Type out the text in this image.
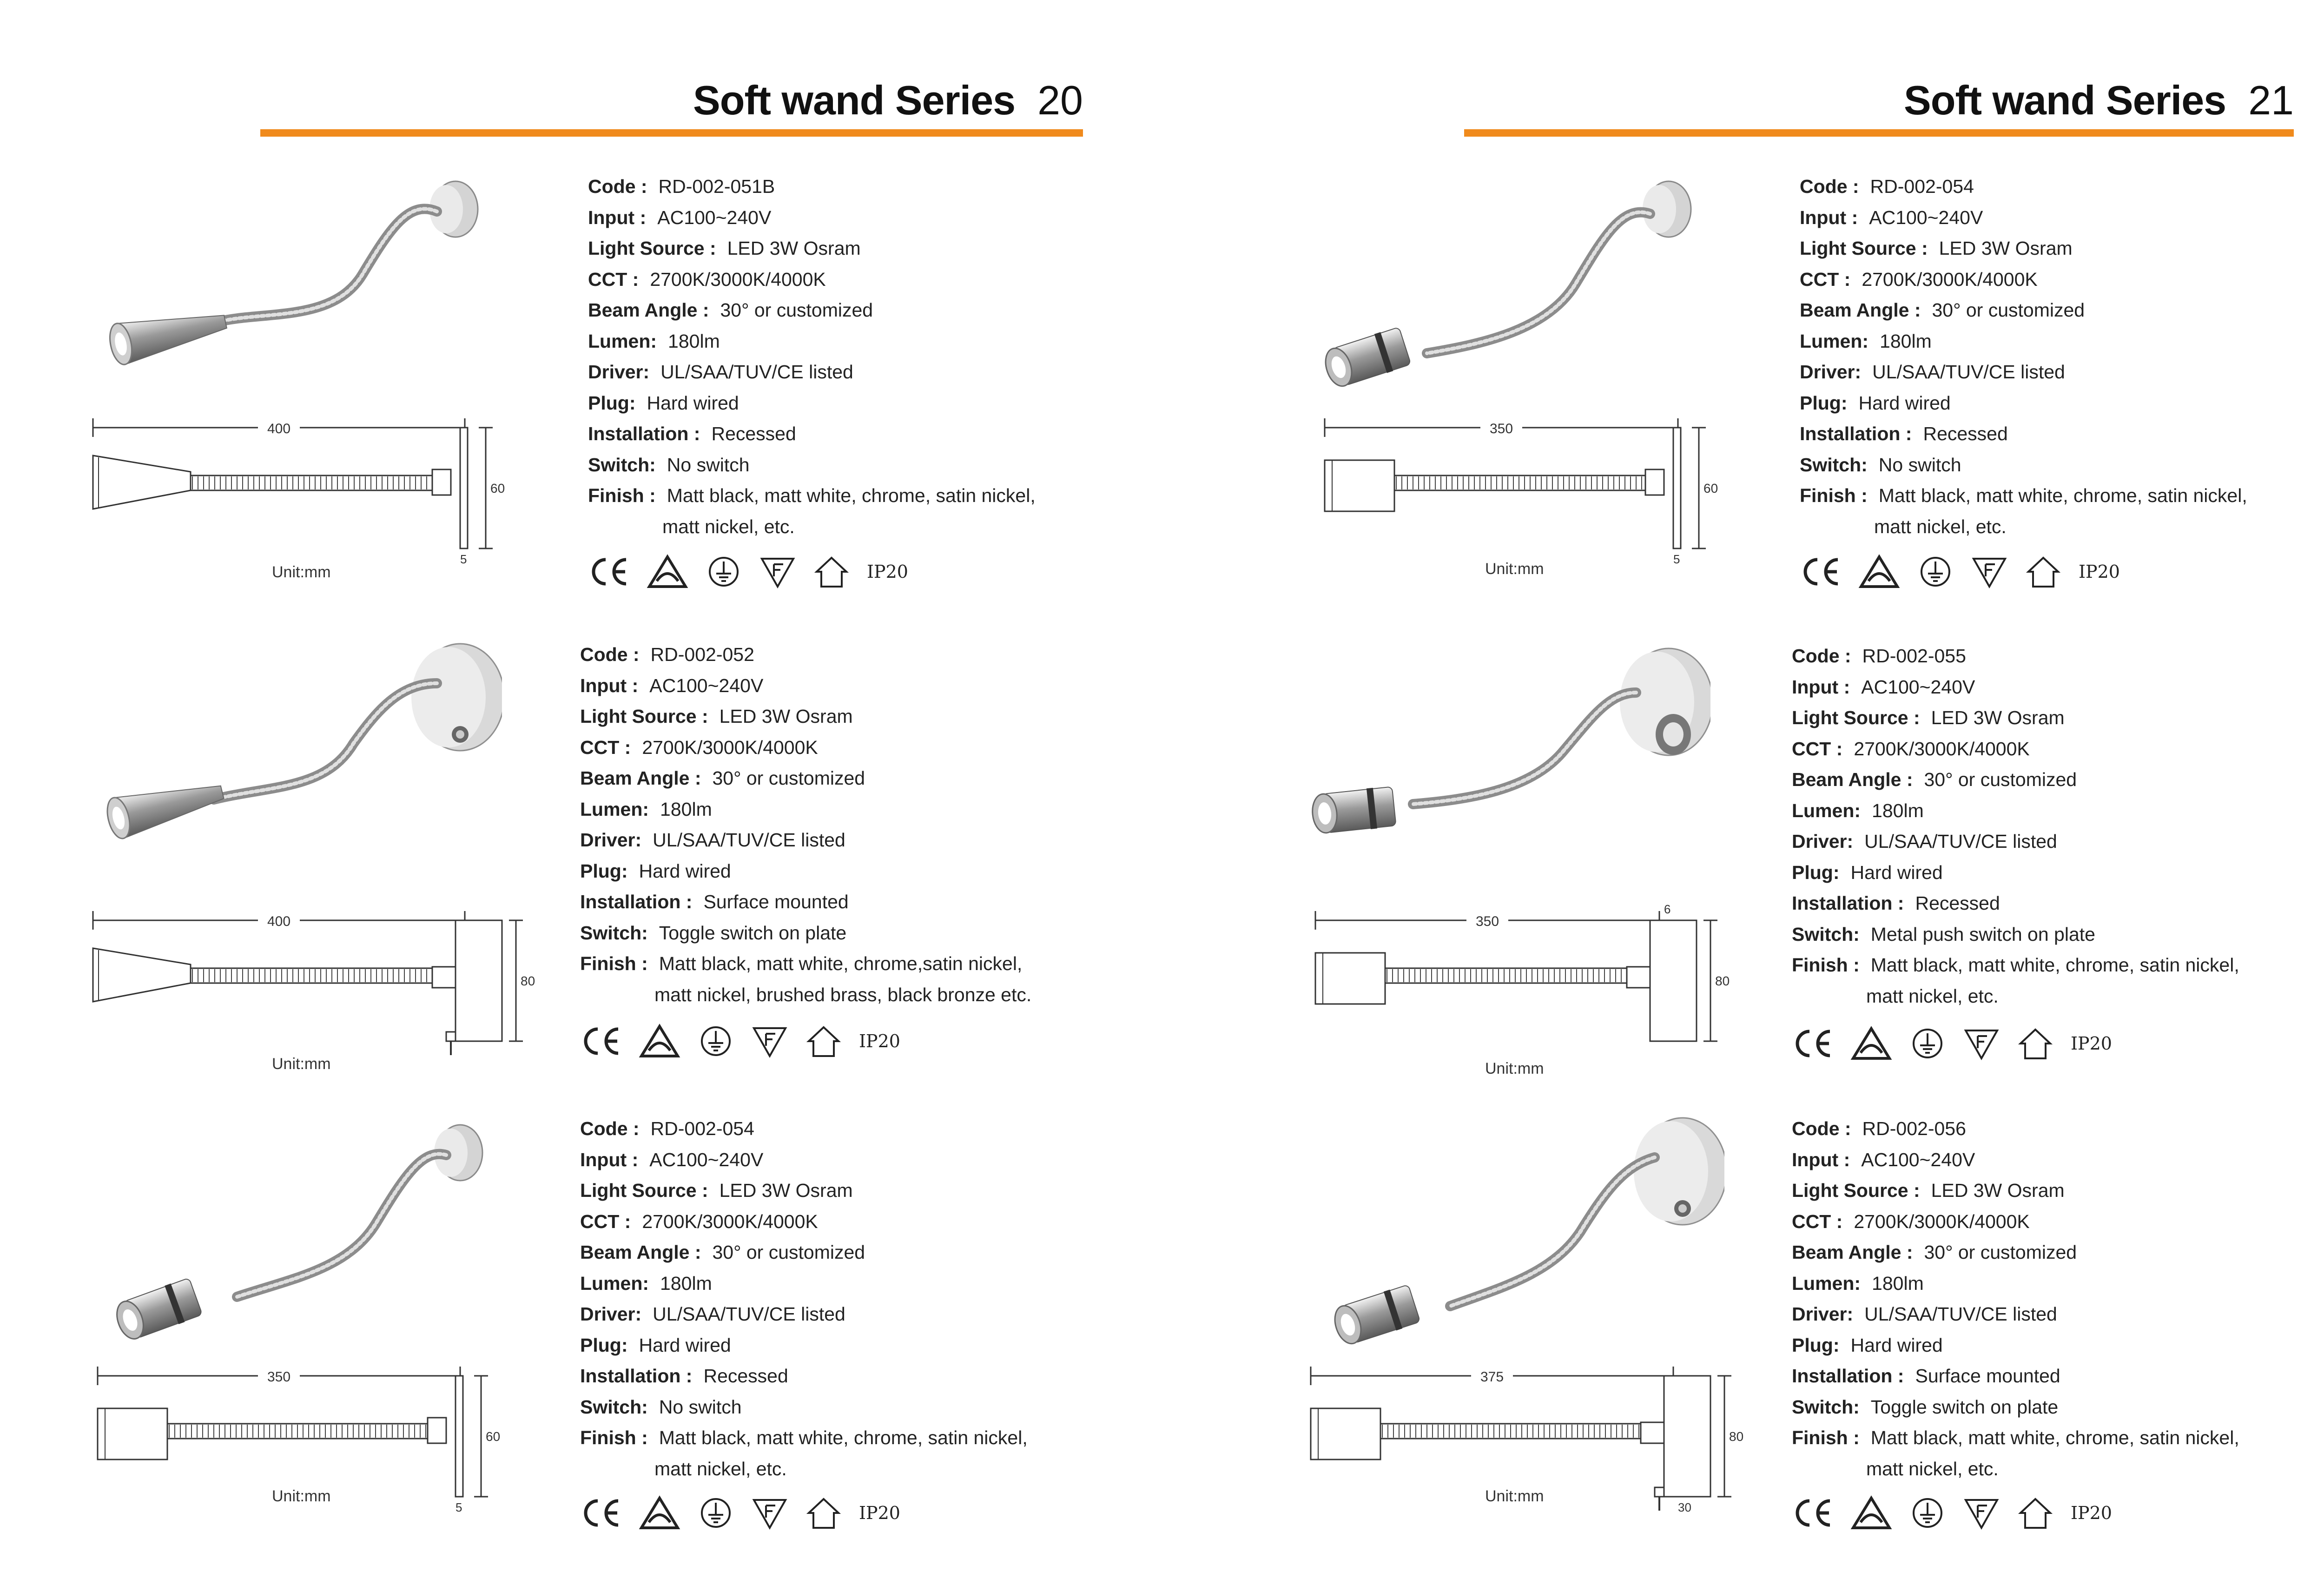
Soft wand Series 20	Soft wand Series 21
400
60
5
Unit:mm
Code : RD-002-051B
Input : AC100~240V
Light Source : LED 3W Osram
CCT : 2700K/3000K/4000K
Beam Angle : 30° or customized
Lumen: 180lm
Driver: UL/SAA/TUV/CE listed
Plug: Hard wired
Installation : Recessed
Switch: No switch
Finish : Matt black, matt white, chrome, satin nickel,
matt nickel, etc.
IP20
400
80
Unit:mm
Code : RD-002-052
Input : AC100~240V
Light Source : LED 3W Osram
CCT : 2700K/3000K/4000K
Beam Angle : 30° or customized
Lumen: 180lm
Driver: UL/SAA/TUV/CE listed
Plug: Hard wired
Installation : Surface mounted
Switch: Toggle switch on plate
Finish : Matt black, matt white, chrome,satin nickel,
matt nickel, brushed brass, black bronze etc.
IP20
350
60
5
Unit:mm
Code : RD-002-054
Input : AC100~240V
Light Source : LED 3W Osram
CCT : 2700K/3000K/4000K
Beam Angle : 30° or customized
Lumen: 180lm
Driver: UL/SAA/TUV/CE listed
Plug: Hard wired
Installation : Recessed
Switch: No switch
Finish : Matt black, matt white, chrome, satin nickel,
matt nickel, etc.
IP20
350
60
5
Unit:mm
Code : RD-002-054
Input : AC100~240V
Light Source : LED 3W Osram
CCT : 2700K/3000K/4000K
Beam Angle : 30° or customized
Lumen: 180lm
Driver: UL/SAA/TUV/CE listed
Plug: Hard wired
Installation : Recessed
Switch: No switch
Finish : Matt black, matt white, chrome, satin nickel,
matt nickel, etc.
IP20
350
80
6
Unit:mm
Code : RD-002-055
Input : AC100~240V
Light Source : LED 3W Osram
CCT : 2700K/3000K/4000K
Beam Angle : 30° or customized
Lumen: 180lm
Driver: UL/SAA/TUV/CE listed
Plug: Hard wired
Installation : Recessed
Switch: Metal push switch on plate
Finish : Matt black, matt white, chrome, satin nickel,
matt nickel, etc.
IP20
375
80
30
Unit:mm
Code : RD-002-056
Input : AC100~240V
Light Source : LED 3W Osram
CCT : 2700K/3000K/4000K
Beam Angle : 30° or customized
Lumen: 180lm
Driver: UL/SAA/TUV/CE listed
Plug: Hard wired
Installation : Surface mounted
Switch: Toggle switch on plate
Finish : Matt black, matt white, chrome, satin nickel,
matt nickel, etc.
IP20
